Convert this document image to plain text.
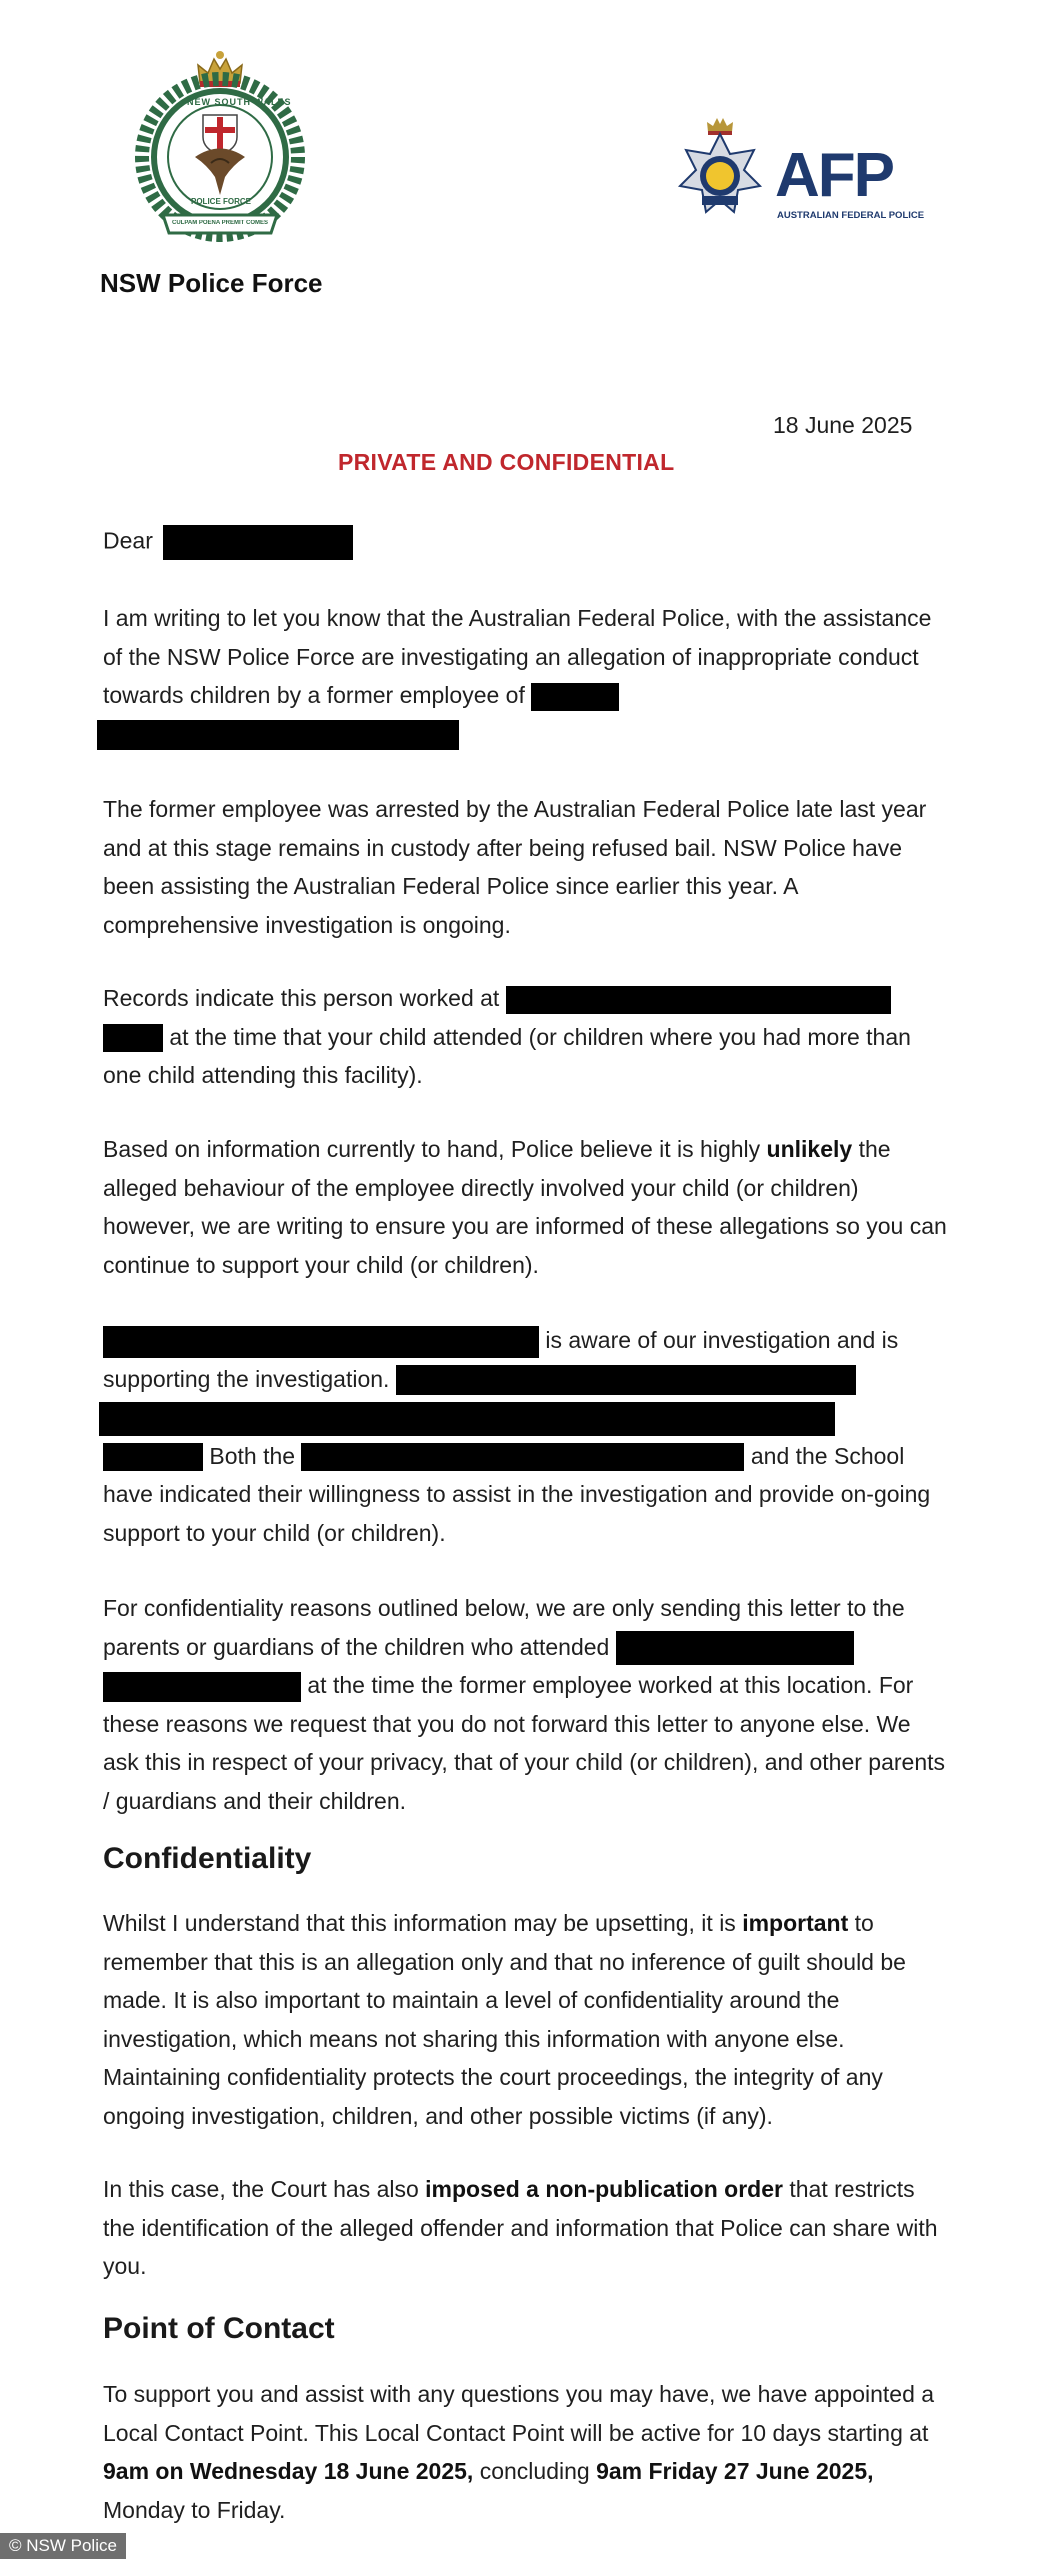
NEW SOUTH WALES
POLICE FORCE
CULPAM POENA PREMIT COMES
NSW Police Force
AFP
AUSTRALIAN FEDERAL POLICE
18 June 2025
PRIVATE AND CONFIDENTIAL
Dear

I am writing to let you know that the Australian Federal Police, with the assistance of the NSW Police Force are investigating an allegation of inappropriate conduct towards children by a former employee of

The former employee was arrested by the Australian Federal Police late last year and at this stage remains in custody after being refused bail. NSW Police have been assisting the Australian Federal Police since earlier this year. A comprehensive investigation is ongoing.

Records indicate this person worked at
at the time that your child attended (or children where you had more than one child attending this facility).

Based on information currently to hand, Police believe it is highly unlikely the alleged behaviour of the employee directly involved your child (or children) however, we are writing to ensure you are informed of these allegations so you can continue to support your child (or children).

is aware of our investigation and is supporting the investigation.

Both the	and the School have indicated their willingness to assist in the investigation and provide on-going support to your child (or children).

For confidentiality reasons outlined below, we are only sending this letter to the parents or guardians of the children who attended
at the time the former employee worked at this location. For these reasons we request that you do not forward this letter to anyone else. We ask this in respect of your privacy, that of your child (or children), and other parents / guardians and their children.

Confidentiality

Whilst I understand that this information may be upsetting, it is important to remember that this is an allegation only and that no inference of guilt should be made. It is also important to maintain a level of confidentiality around the investigation, which means not sharing this information with anyone else. Maintaining confidentiality protects the court proceedings, the integrity of any ongoing investigation, children, and other possible victims (if any).

In this case, the Court has also imposed a non-publication order that restricts the identification of the alleged offender and information that Police can share with you.

Point of Contact

To support you and assist with any questions you may have, we have appointed a Local Contact Point. This Local Contact Point will be active for 10 days starting at 9am on Wednesday 18 June 2025, concluding 9am Friday 27 June 2025, Monday to Friday.

© NSW Police
